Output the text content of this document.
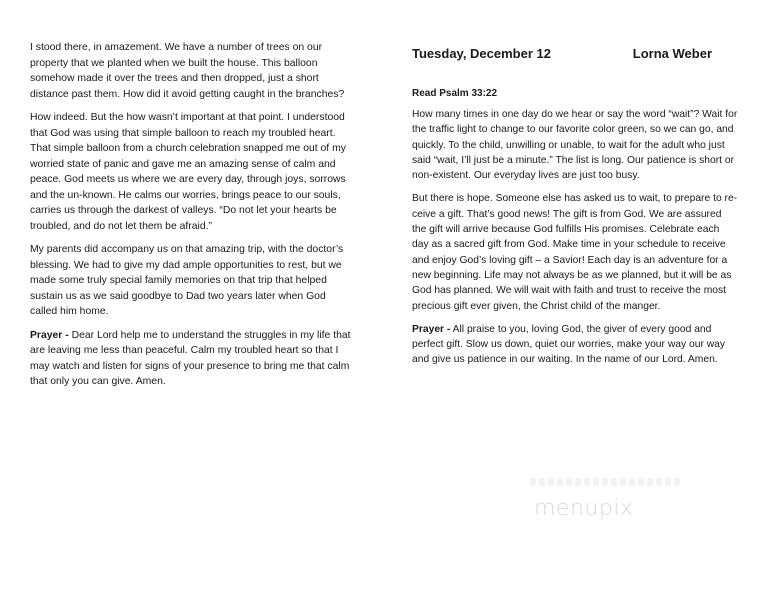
I stood there, in amazement. We have a number of trees on our property that we planted when we built the house. This balloon somehow made it over the trees and then dropped, just a short distance past them. How did it avoid getting caught in the branches?

How indeed. But the how wasn’t important at that point. I understood that God was using that simple balloon to reach my troubled heart. That simple balloon from a church celebration snapped me out of my worried state of panic and gave me an amazing sense of calm and peace. God meets us where we are every day, through joys, sorrows and the un-known. He calms our worries, brings peace to our souls, carries us through the darkest of valleys. “Do not let your hearts be troubled, and do not let them be afraid.”

My parents did accompany us on that amazing trip, with the doctor’s blessing. We had to give my dad ample opportunities to rest, but we made some truly special family memories on that trip that helped sustain us as we said goodbye to Dad two years later when God called him home.

Prayer - Dear Lord help me to understand the struggles in my life that are leaving me less than peaceful. Calm my troubled heart so that I may watch and listen for signs of your presence to bring me that calm that only you can give. Amen.

Tuesday, December 12	Lorna Weber
Read Psalm 33:22

How many times in one day do we hear or say the word “wait”? Wait for the traffic light to change to our favorite color green, so we can go, and quickly. To the child, unwilling or unable, to wait for the adult who just said “wait, I’ll just be a minute.” The list is long. Our patience is short or non-existent. Our everyday lives are just too busy.

But there is hope. Someone else has asked us to wait, to prepare to re-ceive a gift. That’s good news! The gift is from God. We are assured the gift will arrive because God fulfills His promises. Celebrate each day as a sacred gift from God. Make time in your schedule to receive and enjoy God’s loving gift – a Savior! Each day is an adventure for a new beginning. Life may not always be as we planned, but it will be as God has planned. We will wait with faith and trust to receive the most precious gift ever given, the Christ child of the manger.

Prayer - All praise to you, loving God, the giver of every good and perfect gift. Slow us down, quiet our worries, make your way our way and give us patience in our waiting. In the name of our Lord. Amen.

menupix
